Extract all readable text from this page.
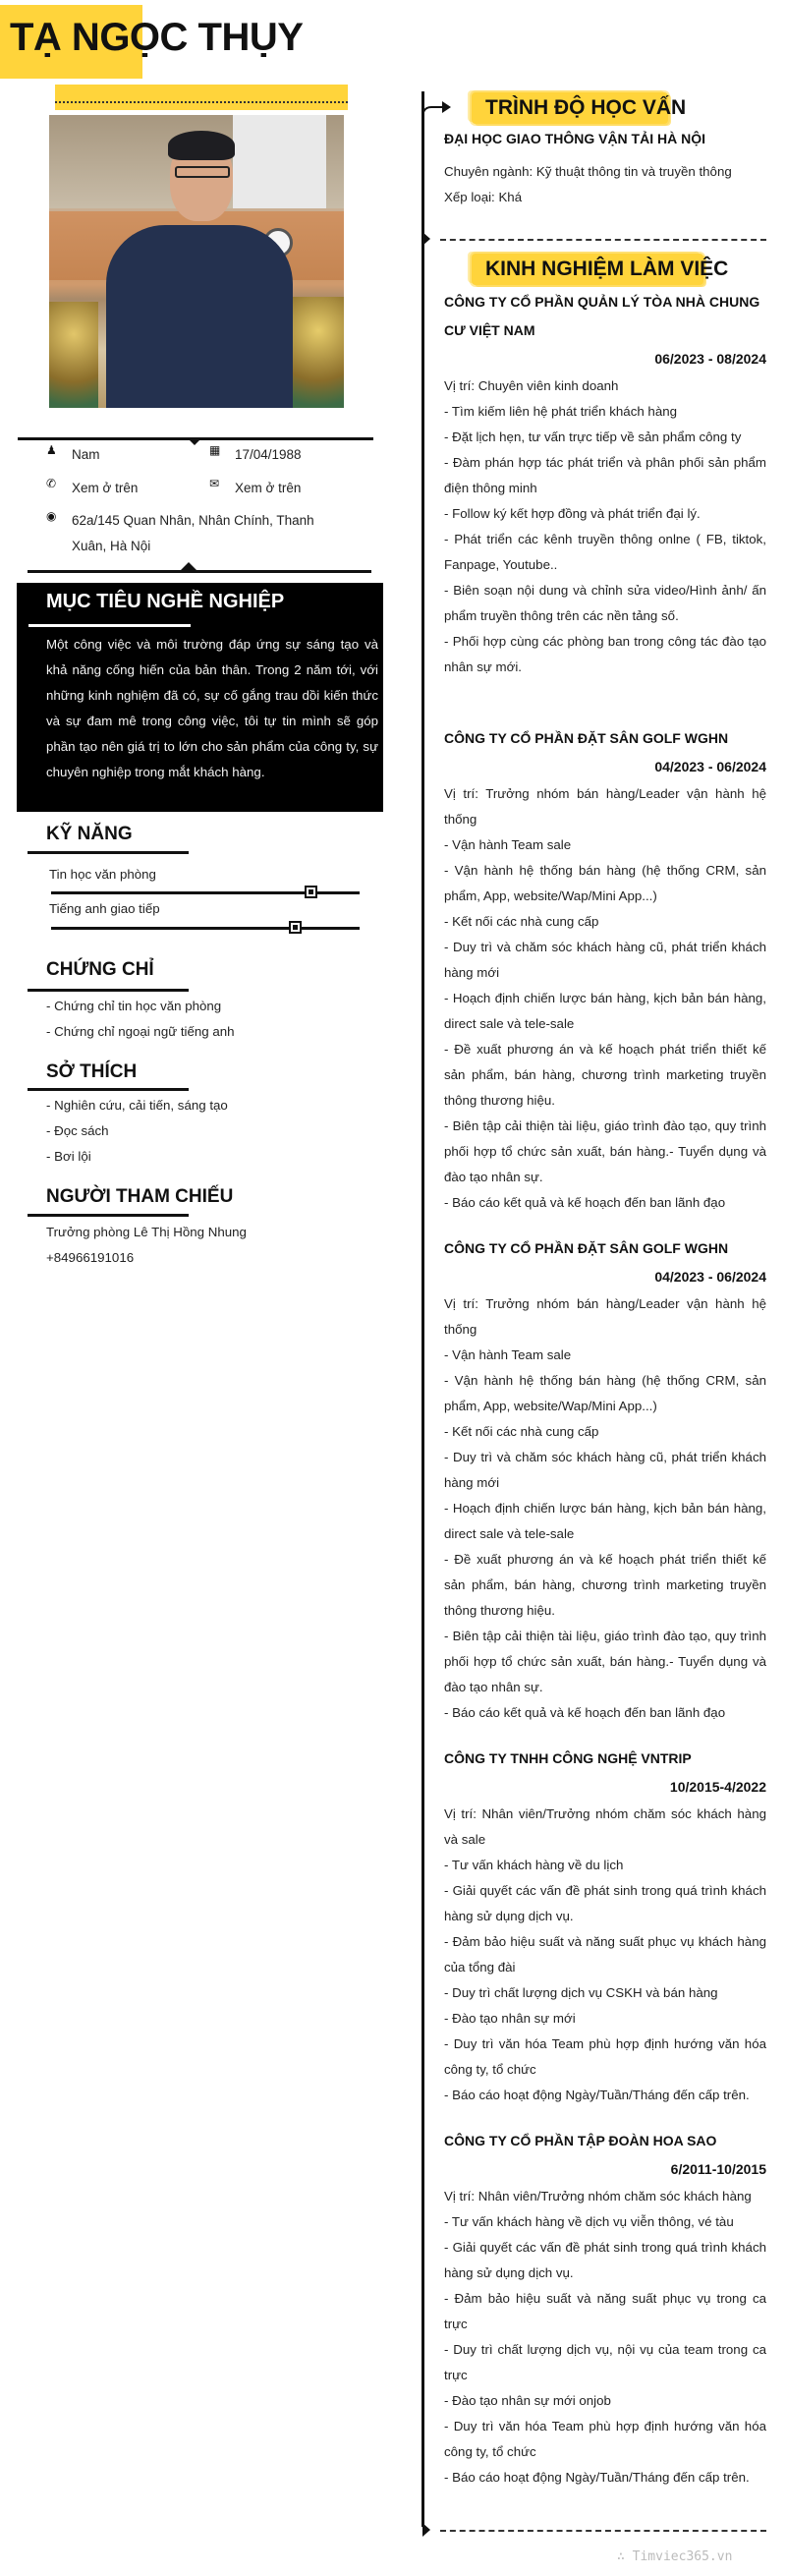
TẠ NGỌC THỤY
♟	Nam	▦	17/04/1988
✆	Xem ở trên	✉	Xem ở trên
◉	62a/145 Quan Nhân, Nhân Chính, Thanh
Xuân, Hà Nội
MỤC TIÊU NGHỀ NGHIỆP

Một công việc và môi trường đáp ứng sự sáng tạo và khả năng cống hiến của bản thân. Trong 2 năm tới, với những kinh nghiệm đã có, sự cố gắng trau dồi kiến thức và sự đam mê trong công việc, tôi tự tin mình sẽ góp phần tạo nên giá trị to lớn cho sản phẩm của công ty, sự chuyên nghiệp trong mắt khách hàng.

KỸ NĂNG
Tin học văn phòng
Tiếng anh giao tiếp
CHỨNG CHỈ
- Chứng chỉ tin học văn phòng
- Chứng chỉ ngoại ngữ tiếng anh
SỞ THÍCH
- Nghiên cứu, cải tiến, sáng tạo
- Đọc sách
- Bơi lội
NGƯỜI THAM CHIẾU
Trưởng phòng Lê Thị Hồng Nhung
+84966191016
TRÌNH ĐỘ HỌC VẤN
ĐẠI HỌC GIAO THÔNG VẬN TẢI HÀ NỘI
Chuyên ngành: Kỹ thuật thông tin và truyền thông
Xếp loại: Khá
KINH NGHIỆM LÀM VIỆC
CÔNG TY CỔ PHẦN QUẢN LÝ TÒA NHÀ CHUNG
CƯ VIỆT NAM
06/2023 - 08/2024
Vị trí: Chuyên viên kinh doanh
- Tìm kiếm liên hệ phát triển khách hàng
- Đặt lịch hẹn, tư vấn trực tiếp về sản phẩm công ty
- Đàm phán hợp tác phát triển và phân phối sản phẩm điện thông minh
- Follow ký kết hợp đồng và phát triển đại lý.
- Phát triển các kênh truyền thông onlne ( FB, tiktok, Fanpage, Youtube..
- Biên soạn nội dung và chỉnh sửa video/Hình ảnh/ ấn phẩm truyền thông trên các nền tảng số.
- Phối hợp cùng các phòng ban trong công tác đào tạo nhân sự mới.
CÔNG TY CỔ PHẦN ĐẶT SÂN GOLF WGHN
04/2023 - 06/2024
Vị trí: Trưởng nhóm bán hàng/Leader vận hành hệ thống
- Vận hành Team sale
- Vận hành hệ thống bán hàng (hệ thống CRM, sản phẩm, App, website/Wap/Mini App...)
- Kết nối các nhà cung cấp
- Duy trì và chăm sóc khách hàng cũ, phát triển khách hàng mới
- Hoạch định chiến lược bán hàng, kịch bản bán hàng, direct sale và tele-sale
- Đề xuất phương án và kế hoạch phát triển thiết kế sản phẩm, bán hàng, chương trình marketing truyền thông thương hiệu.
- Biên tập cải thiện tài liệu, giáo trình đào tạo, quy trình phối hợp tổ chức sản xuất, bán hàng.- Tuyển dụng và đào tạo nhân sự.
- Báo cáo kết quả và kế hoạch đến ban lãnh đạo
CÔNG TY CỔ PHẦN ĐẶT SÂN GOLF WGHN
04/2023 - 06/2024
Vị trí: Trưởng nhóm bán hàng/Leader vận hành hệ thống
- Vận hành Team sale
- Vận hành hệ thống bán hàng (hệ thống CRM, sản phẩm, App, website/Wap/Mini App...)
- Kết nối các nhà cung cấp
- Duy trì và chăm sóc khách hàng cũ, phát triển khách hàng mới
- Hoạch định chiến lược bán hàng, kịch bản bán hàng, direct sale và tele-sale
- Đề xuất phương án và kế hoạch phát triển thiết kế sản phẩm, bán hàng, chương trình marketing truyền thông thương hiệu.
- Biên tập cải thiện tài liệu, giáo trình đào tạo, quy trình phối hợp tổ chức sản xuất, bán hàng.- Tuyển dụng và đào tạo nhân sự.
- Báo cáo kết quả và kế hoạch đến ban lãnh đạo
CÔNG TY TNHH CÔNG NGHỆ VNTRIP
10/2015-4/2022
Vị trí: Nhân viên/Trưởng nhóm chăm sóc khách hàng và sale
- Tư vấn khách hàng về du lịch
- Giải quyết các vấn đề phát sinh trong quá trình khách hàng sử dụng dịch vụ.
- Đảm bảo hiệu suất và năng suất phục vụ khách hàng của tổng đài
- Duy trì chất lượng dịch vụ CSKH và bán hàng
- Đào tạo nhân sự mới
- Duy trì văn hóa Team phù hợp định hướng văn hóa công ty, tổ chức
- Báo cáo hoạt động Ngày/Tuần/Tháng đến cấp trên.
CÔNG TY CỔ PHẦN TẬP ĐOÀN HOA SAO
6/2011-10/2015
Vị trí: Nhân viên/Trưởng nhóm chăm sóc khách hàng
- Tư vấn khách hàng về dịch vụ viễn thông, vé tàu
- Giải quyết các vấn đề phát sinh trong quá trình khách hàng sử dụng dịch vụ.
- Đảm bảo hiệu suất và năng suất phục vụ trong ca trực
- Duy trì chất lượng dịch vụ, nội vụ của team trong ca trực
- Đào tạo nhân sự mới onjob
- Duy trì văn hóa Team phù hợp định hướng văn hóa công ty, tổ chức
- Báo cáo hoạt động Ngày/Tuần/Tháng đến cấp trên.
∴ Timviec365.vn
